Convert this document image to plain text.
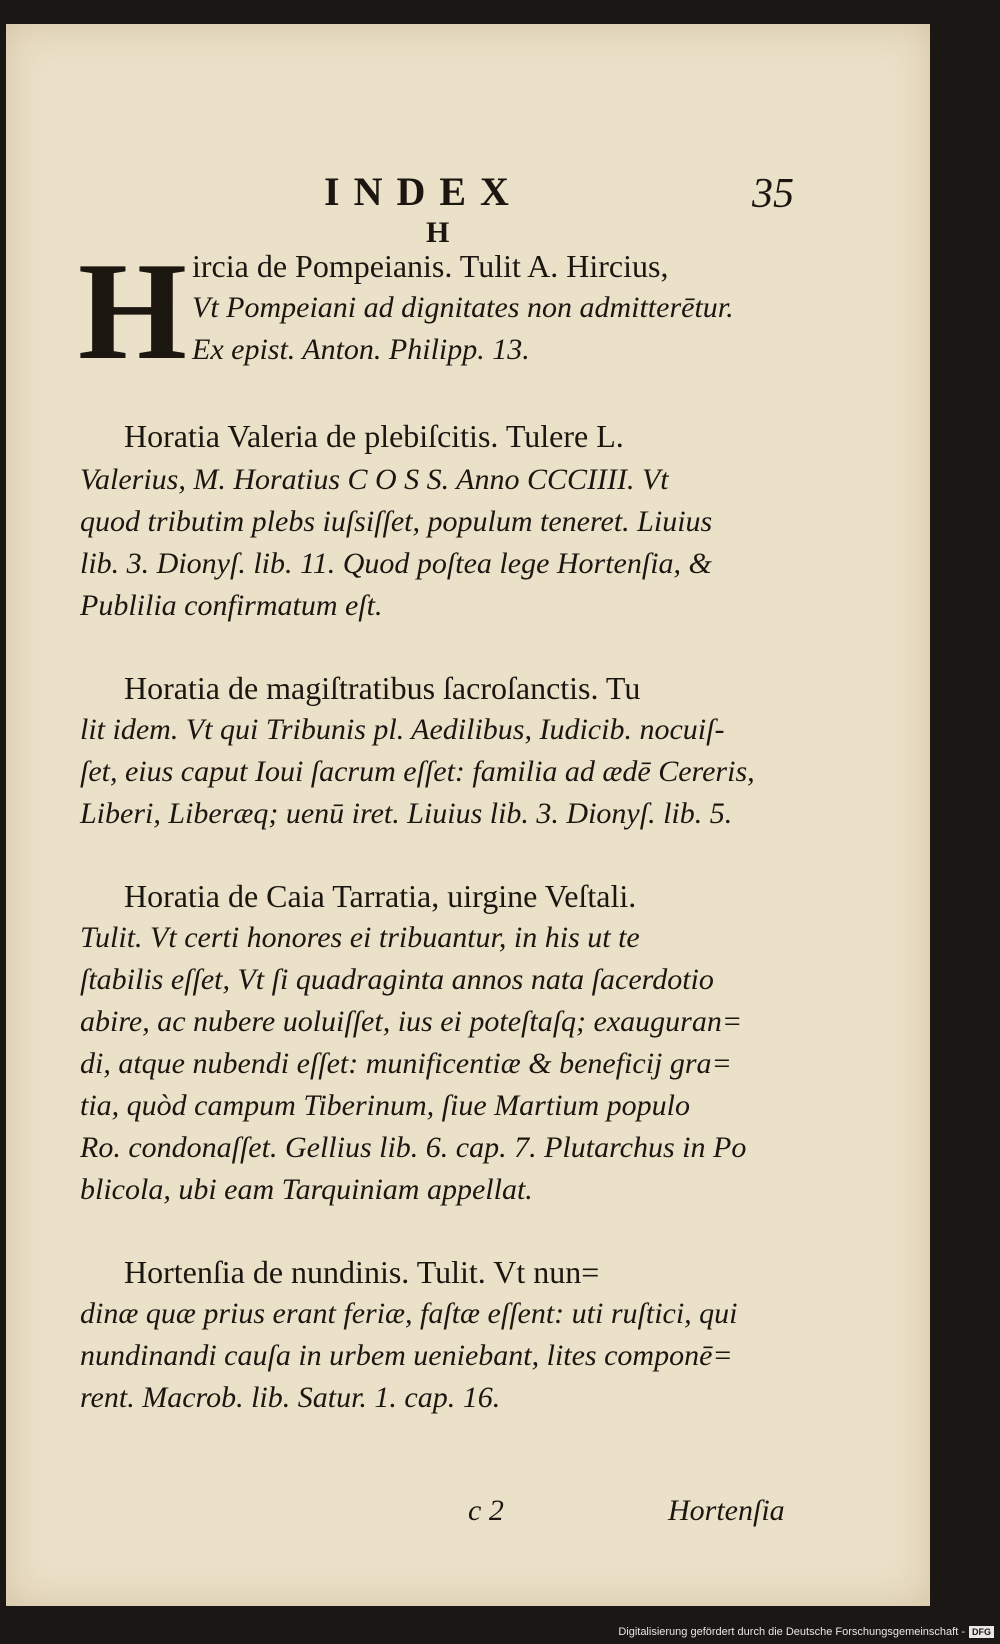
INDEX	35
H
H ircia de Pompeianis. Tulit A. Hircius,
Vt Pompeiani ad dignitates non admitterētur.
Ex epist. Anton. Philipp. 13.
Horatia Valeria de plebiſcitis. Tulere L.
Valerius, M. Horatius C O S S. Anno CCCIIII. Vt
quod tributim plebs iuſsiſſet, populum teneret. Liuius
lib. 3. Dionyſ. lib. 11. Quod poſtea lege Hortenſia, &
Publilia confirmatum eſt.
Horatia de magiſtratibus ſacroſanctis. Tu
lit idem. Vt qui Tribunis pl. Aedilibus, Iudicib. nocuiſ-
ſet, eius caput Ioui ſacrum eſſet: familia ad ædē Cereris,
Liberi, Liberæq; uenū iret. Liuius lib. 3. Dionyſ. lib. 5.
Horatia de Caia Tarratia, uirgine Veſtali.
Tulit. Vt certi honores ei tribuantur, in his ut te
ſtabilis eſſet, Vt ſi quadraginta annos nata ſacerdotio
abire, ac nubere uoluiſſet, ius ei poteſtaſq; exauguran=
di, atque nubendi eſſet: munificentiæ & beneficij gra=
tia, quòd campum Tiberinum, ſiue Martium populo
Ro. condonaſſet. Gellius lib. 6. cap. 7. Plutarchus in Po
blicola, ubi eam Tarquiniam appellat.
Hortenſia de nundinis. Tulit. Vt nun=
dinæ quæ prius erant feriæ, faſtæ eſſent: uti ruſtici, qui
nundinandi cauſa in urbem ueniebant, lites componē=
rent. Macrob. lib. Satur. 1. cap. 16.
c 2	Hortenſia
Digitalisierung gefördert durch die Deutsche Forschungsgemeinschaft - DFG
